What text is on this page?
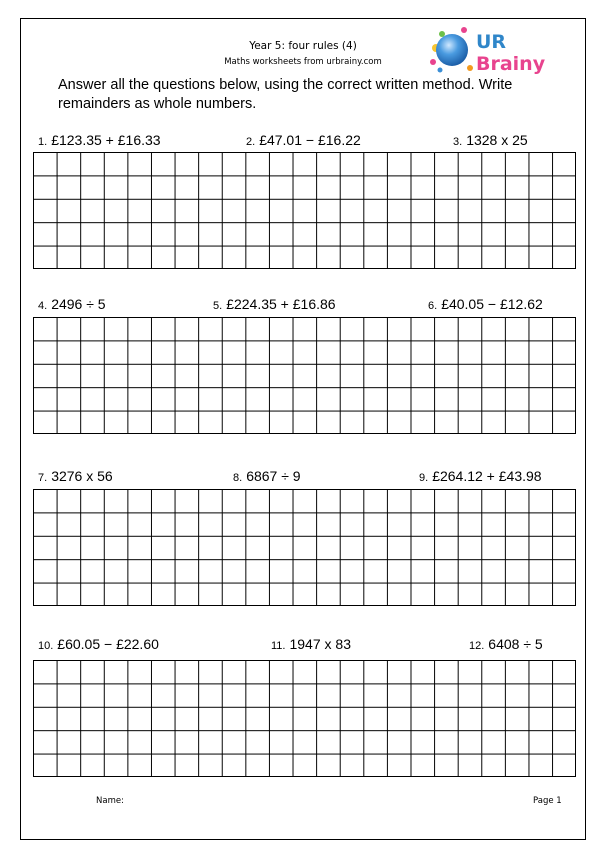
Year 5: four rules (4)
Maths worksheets from urbrainy.com
UR
Brainy
Answer all the questions below, using the correct written method. Write remainders as whole numbers.
1. £123.35 + £16.33	2. £47.01 − £16.22	3. 1328 x 25
4. 2496 ÷ 5	5. £224.35 + £16.86	6. £40.05 − £12.62
7. 3276 x 56	8. 6867 ÷ 9	9. £264.12 + £43.98
10. £60.05 − £22.60	11. 1947 x 83	12. 6408 ÷ 5
Name:	Page 1
